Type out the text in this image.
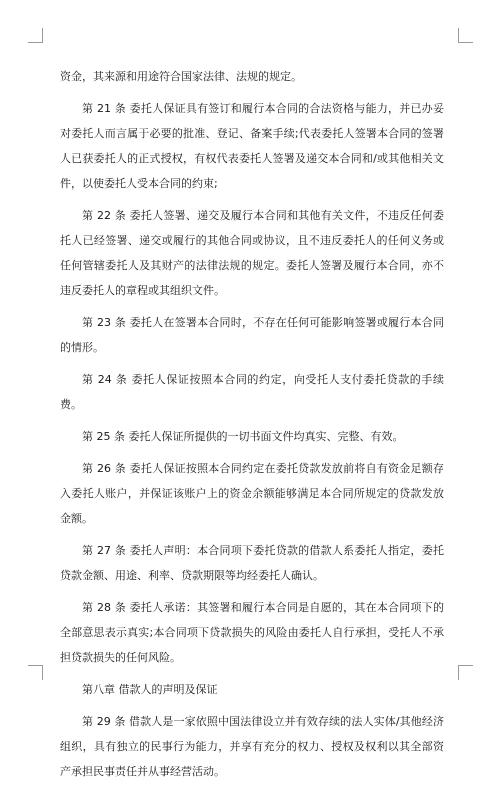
资金，其来源和用途符合国家法律、法规的规定。

第 21 条 委托人保证具有签订和履行本合同的合法资格与能力，并已办妥对委托人而言属于必要的批准、登记、备案手续;代表委托人签署本合同的签署人已获委托人的正式授权，有权代表委托人签署及递交本合同和/或其他相关文件，以使委托人受本合同的约束;

第 22 条 委托人签署、递交及履行本合同和其他有关文件，不违反任何委托人已经签署、递交或履行的其他合同或协议，且不违反委托人的任何义务或任何管辖委托人及其财产的法律法规的规定。委托人签署及履行本合同，亦不违反委托人的章程或其组织文件。

第 23 条 委托人在签署本合同时，不存在任何可能影响签署或履行本合同的情形。

第 24 条 委托人保证按照本合同的约定，向受托人支付委托贷款的手续费。

第 25 条 委托人保证所提供的一切书面文件均真实、完整、有效。

第 26 条 委托人保证按照本合同约定在委托贷款发放前将自有资金足额存入委托人账户，并保证该账户上的资金余额能够满足本合同所规定的贷款发放金额。

第 27 条 委托人声明：本合同项下委托贷款的借款人系委托人指定，委托贷款金额、用途、利率、贷款期限等均经委托人确认。

第 28 条 委托人承诺：其签署和履行本合同是自愿的，其在本合同项下的全部意思表示真实;本合同项下贷款损失的风险由委托人自行承担，受托人不承担贷款损失的任何风险。

第八章 借款人的声明及保证

第 29 条 借款人是一家依照中国法律设立并有效存续的法人实体/其他经济组织，具有独立的民事行为能力，并享有充分的权力、授权及权利以其全部资产承担民事责任并从事经营活动。
